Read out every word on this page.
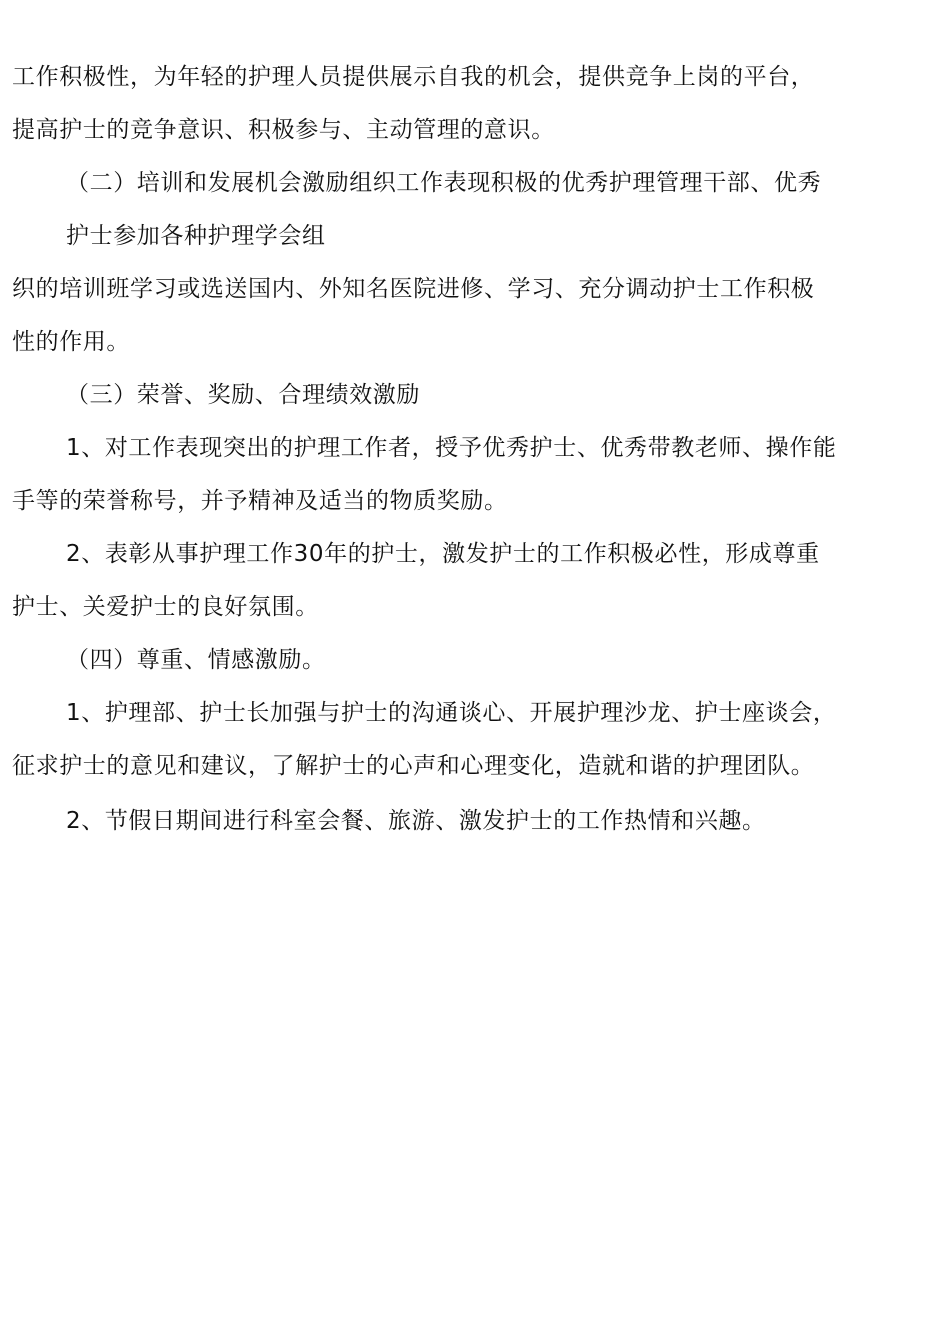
工作积极性，为年轻的护理人员提供展示自我的机会，提供竞争上岗的平台，
提高护士的竞争意识、积极参与、主动管理的意识。
（二）培训和发展机会激励组织工作表现积极的优秀护理管理干部、优秀
护士参加各种护理学会组
织的培训班学习或选送国内、外知名医院进修、学习、充分调动护士工作积极
性的作用。
（三）荣誉、奖励、合理绩效激励
1、对工作表现突出的护理工作者，授予优秀护士、优秀带教老师、操作能
手等的荣誉称号，并予精神及适当的物质奖励。
2、表彰从事护理工作30年的护士，激发护士的工作积极必性，形成尊重
护士、关爱护士的良好氛围。
（四）尊重、情感激励。
1、护理部、护士长加强与护士的沟通谈心、开展护理沙龙、护士座谈会，
征求护士的意见和建议，了解护士的心声和心理变化，造就和谐的护理团队。
2、节假日期间进行科室会餐、旅游、激发护士的工作热情和兴趣。
